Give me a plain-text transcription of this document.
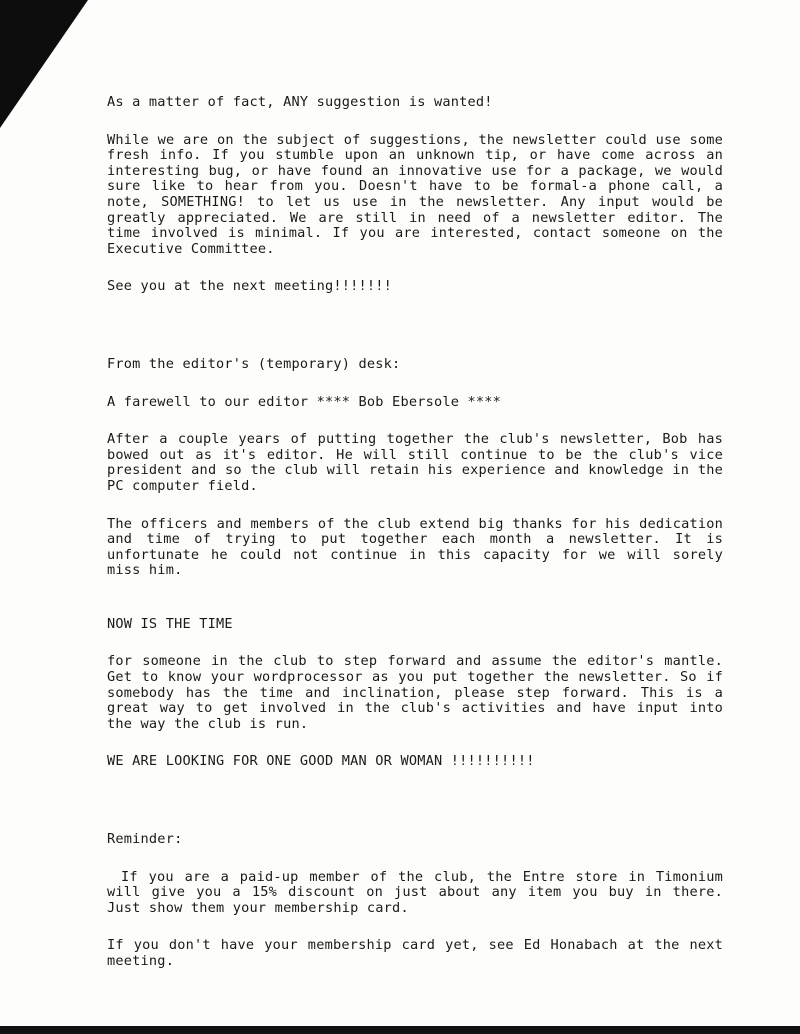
As a matter of fact, ANY suggestion is wanted!

While we are on the subject of suggestions, the newsletter could use some fresh info. If you stumble upon an unknown tip, or have come across an interesting bug, or have found an innovative use for a package, we would sure like to hear from you. Doesn't have to be formal-a phone call, a note, SOMETHING! to let us use in the newsletter. Any input would be greatly appreciated. We are still in need of a newsletter editor. The time involved is minimal. If you are interested, contact someone on the Executive Committee.

See you at the next meeting!!!!!!!

From the editor's (temporary) desk:

A farewell to our editor **** Bob Ebersole ****

After a couple years of putting together the club's newsletter, Bob has bowed out as it's editor. He will still continue to be the club's vice president and so the club will retain his experience and knowledge in the PC computer field.

The officers and members of the club extend big thanks for his dedication and time of trying to put together each month a newsletter. It is unfortunate he could not continue in this capacity for we will sorely miss him.

NOW IS THE TIME

for someone in the club to step forward and assume the editor's mantle. Get to know your wordprocessor as you put together the newsletter. So if somebody has the time and inclination, please step forward. This is a great way to get involved in the club's activities and have input into the way the club is run.

WE ARE LOOKING FOR ONE GOOD MAN OR WOMAN !!!!!!!!!!

Reminder:

If you are a paid-up member of the club, the Entre store in Timonium will give you a 15% discount on just about any item you buy in there. Just show them your membership card.

If you don't have your membership card yet, see Ed Honabach at the next meeting.
